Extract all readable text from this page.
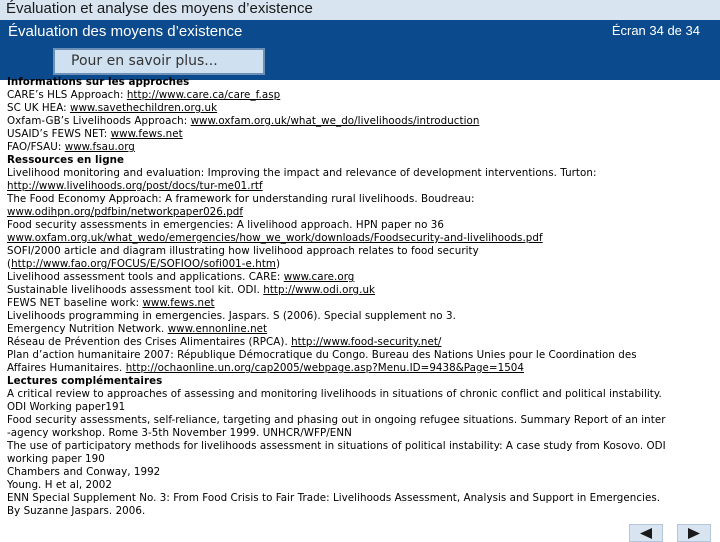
Évaluation et analyse des moyens d’existence
Évaluation des moyens d’existence	Écran 34 de 34
Pour en savoir plus...
Informations sur les approches
CARE’s HLS Approach: http://www.care.ca/care_f.asp
SC UK HEA: www.savethechildren.org.uk
Oxfam-GB’s Livelihoods Approach: www.oxfam.org.uk/what_we_do/livelihoods/introduction
USAID’s FEWS NET: www.fews.net
FAO/FSAU: www.fsau.org
Ressources en ligne
Livelihood monitoring and evaluation: Improving the impact and relevance of development interventions. Turton:
http://www.livelihoods.org/post/docs/tur-me01.rtf
The Food Economy Approach: A framework for understanding rural livelihoods. Boudreau:
www.odihpn.org/pdfbin/networkpaper026.pdf
Food security assessments in emergencies: A livelihood approach. HPN paper no 36
www.oxfam.org.uk/what_wedo/emergencies/how_we_work/downloads/Foodsecurity-and-livelihoods.pdf
SOFI/2000 article and diagram illustrating how livelihood approach relates to food security
(http://www.fao.org/FOCUS/E/SOFIOO/sofi001-e.htm)
Livelihood assessment tools and applications. CARE: www.care.org
Sustainable livelihoods assessment tool kit. ODI. http://www.odi.org.uk
FEWS NET baseline work: www.fews.net
Livelihoods programming in emergencies. Jaspars. S (2006). Special supplement no 3.
Emergency Nutrition Network. www.ennonline.net
Réseau de Prévention des Crises Alimentaires (RPCA). http://www.food-security.net/
Plan d’action humanitaire 2007: République Démocratique du Congo. Bureau des Nations Unies pour le Coordination des
Affaires Humanitaires. http://ochaonline.un.org/cap2005/webpage.asp?Menu.ID=9438&Page=1504
Lectures complémentaires
A critical review to approaches of assessing and monitoring livelihoods in situations of chronic conflict and political instability.
ODI Working paper191
Food security assessments, self-reliance, targeting and phasing out in ongoing refugee situations. Summary Report of an inter
-agency workshop. Rome 3-5th November 1999. UNHCR/WFP/ENN
The use of participatory methods for livelihoods assessment in situations of political instability: A case study from Kosovo. ODI
working paper 190
Chambers and Conway, 1992
Young. H et al, 2002
ENN Special Supplement No. 3: From Food Crisis to Fair Trade: Livelihoods Assessment, Analysis and Support in Emergencies.
By Suzanne Jaspars. 2006.
